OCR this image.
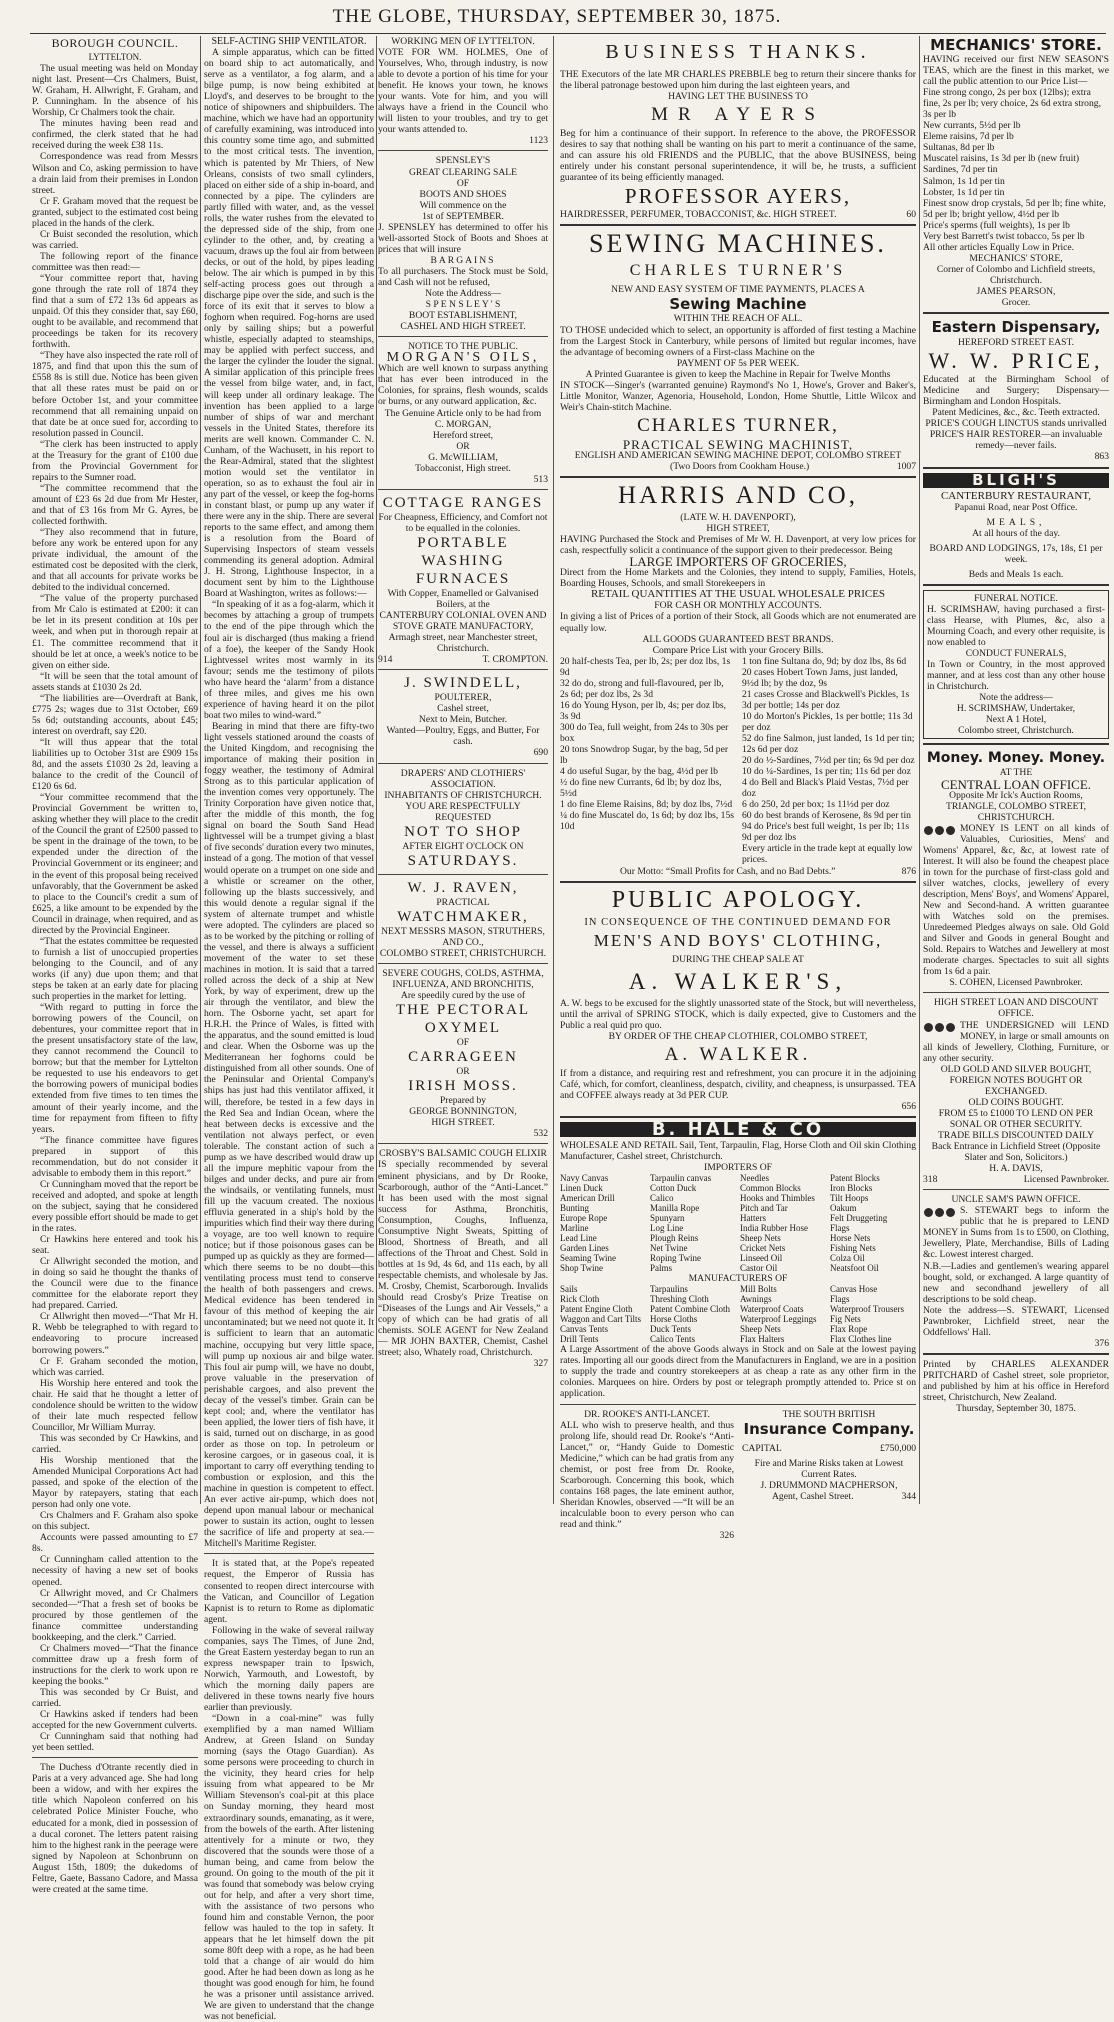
THE GLOBE, THURSDAY, SEPTEMBER 30, 1875.
BOROUGH COUNCIL.
LYTTELTON.

The usual meeting was held on Monday night last. Present—Crs Chalmers, Buist, W. Graham, H. Allwright, F. Graham, and P. Cunningham. In the absence of his Worship, Cr Chalmers took the chair.

The minutes having been read and confirmed, the clerk stated that he had received during the week £38 11s.

Correspondence was read from Messrs Wilson and Co, asking permission to have a drain laid from their premises in London street.

Cr F. Graham moved that the request be granted, subject to the estimated cost being placed in the hands of the clerk.

Cr Buist seconded the resolution, which was carried.

The following report of the finance committee was then read:—

“Your committee report that, having gone through the rate roll of 1874 they find that a sum of £72 13s 6d appears as unpaid. Of this they consider that, say £60, ought to be available, and recommend that proceedings be taken for its recovery forthwith.

“They have also inspected the rate roll of 1875, and find that upon this the sum of £558 8s is still due. Notice has been given that all these rates must be paid on or before October 1st, and your committee recommend that all remaining unpaid on that date be at once sued for, according to resolution passed in Council.

“The clerk has been instructed to apply at the Treasury for the grant of £100 due from the Provincial Government for repairs to the Sumner road.

“The committee recommend that the amount of £23 6s 2d due from Mr Hester, and that of £3 16s from Mr G. Ayres, be collected forthwith.

“They also recommend that in future, before any work be entered upon for any private individual, the amount of the estimated cost be deposited with the clerk, and that all accounts for private works be debited to the individual concerned.

“The value of the property purchased from Mr Calo is estimated at £200: it can be let in its present condition at 10s per week, and when put in thorough repair at £1. The committee recommend that it should be let at once, a week's notice to be given on either side.

“It will be seen that the total amount of assets stands at £1030 2s 2d.

“The liabilities are—Overdraft at Bank, £775 2s; wages due to 31st October, £69 5s 6d; outstanding accounts, about £45; interest on overdraft, say £20.

“It will thus appear that the total liabilities up to October 31st are £909 15s 8d, and the assets £1030 2s 2d, leaving a balance to the credit of the Council of £120 6s 6d.

“Your committee recommend that the Provincial Government be written to, asking whether they will place to the credit of the Council the grant of £2500 passed to be spent in the drainage of the town, to be expended under the direction of the Provincial Government or its engineer; and in the event of this proposal being received unfavorably, that the Government be asked to place to the Council's credit a sum of £625, a like amount to be expended by the Council in drainage, when required, and as directed by the Provincial Engineer.

“That the estates committee be requested to furnish a list of unoccupied properties belonging to the Council, and of any works (if any) due upon them; and that steps be taken at an early date for placing such properties in the market for letting.

“With regard to putting in force the borrowing powers of the Council, on debentures, your committee report that in the present unsatisfactory state of the law, they cannot recommend the Council to borrow; but that the member for Lyttelton be requested to use his endeavors to get the borrowing powers of municipal bodies extended from five times to ten times the amount of their yearly income, and the time for repayment from fifteen to fifty years.

“The finance committee have figures prepared in support of this recommendation, but do not consider it advisable to embody them in this report.”

Cr Cunningham moved that the report be received and adopted, and spoke at length on the subject, saying that he considered every possible effort should be made to get in the rates.

Cr Hawkins here entered and took his seat.

Cr Allwright seconded the motion, and in doing so said he thought the thanks of the Council were due to the finance committee for the elaborate report they had prepared. Carried.

Cr Allwright then moved—“That Mr H. R. Webb be telegraphed to with regard to endeavoring to procure increased borrowing powers.”

Cr F. Graham seconded the motion, which was carried.

His Worship here entered and took the chair. He said that he thought a letter of condolence should be written to the widow of their late much respected fellow Councillor, Mr William Murray.

This was seconded by Cr Hawkins, and carried.

His Worship mentioned that the Amended Municipal Corporations Act had passed, and spoke of the election of the Mayor by ratepayers, stating that each person had only one vote.

Crs Chalmers and F. Graham also spoke on this subject.

Accounts were passed amounting to £7 8s.

Cr Cunningham called attention to the necessity of having a new set of books opened.

Cr Allwright moved, and Cr Chalmers seconded—“That a fresh set of books be procured by those gentlemen of the finance committee understanding bookkeeping, and the clerk.” Carried.

Cr Chalmers moved—“That the finance committee draw up a fresh form of instructions for the clerk to work upon re keeping the books.”

This was seconded by Cr Buist, and carried.

Cr Hawkins asked if tenders had been accepted for the new Government culverts.

Cr Cunningham said that nothing had yet been settled.

The Duchess d'Otrante recently died in Paris at a very advanced age. She had long been a widow, and with her expires the title which Napoleon conferred on his celebrated Police Minister Fouche, who educated for a monk, died in possession of a ducal coronet. The letters patent raising him to the highest rank in the peerage were signed by Napoleon at Schonbrunn on August 15th, 1809; the dukedoms of Feltre, Gaete, Bassano Cadore, and Massa were created at the same time.

SELF-ACTING SHIP VENTILATOR.

A simple apparatus, which can be fitted on board ship to act automatically, and serve as a ventilator, a fog alarm, and a bilge pump, is now being exhibited at Lloyd's, and deserves to be brought to the notice of shipowners and shipbuilders. The machine, which we have had an opportunity of carefully examining, was introduced into this country some time ago, and submitted to the most critical tests. The invention, which is patented by Mr Thiers, of New Orleans, consists of two small cylinders, placed on either side of a ship in-board, and connected by a pipe. The cylinders are partly filled with water, and, as the vessel rolls, the water rushes from the elevated to the depressed side of the ship, from one cylinder to the other, and, by creating a vacuum, draws up the foul air from between decks, or out of the hold, by pipes leading below. The air which is pumped in by this self-acting process goes out through a discharge pipe over the side, and such is the force of its exit that it serves to blow a foghorn when required. Fog-horns are used only by sailing ships; but a powerful whistle, especially adapted to steamships, may be applied with perfect success, and the larger the cylinder the louder the signal. A similar application of this principle frees the vessel from bilge water, and, in fact, will keep under all ordinary leakage. The invention has been applied to a large number of ships of war and merchant vessels in the United States, therefore its merits are well known. Commander C. N. Cunham, of the Wachusett, in his report to the Rear-Admiral, stated that the slightest motion would set the ventilator in operation, so as to exhaust the foul air in any part of the vessel, or keep the fog-horns in constant blast, or pump up any water if there were any in the ship. There are several reports to the same effect, and among them is a resolution from the Board of Supervising Inspectors of steam vessels commending its general adoption. Admiral J. H. Strong, Lighthouse Inspector, in a document sent by him to the Lighthouse Board at Washington, writes as follows:—

“In speaking of it as a fog-alarm, which it becomes by attaching a group of trumpets to the end of the pipe through which the foul air is discharged (thus making a friend of a foe), the keeper of the Sandy Hook Lightvessel writes most warmly in its favour; sends me the testimony of pilots who have heard the ‘alarm’ from a distance of three miles, and gives me his own experience of having heard it on the pilot boat two miles to wind-ward.”

Bearing in mind that there are fifty-two light vessels stationed around the coasts of the United Kingdom, and recognising the importance of making their position in foggy weather, the testimony of Admiral Strong as to this particular application of the invention comes very opportunely. The Trinity Corporation have given notice that, after the middle of this month, the fog signal on board the South Sand Head lightvessel will be a trumpet giving a blast of five seconds' duration every two minutes, instead of a gong. The motion of that vessel would operate on a trumpet on one side and a whistle or screamer on the other, following up the blasts successively, and this would denote a regular signal if the system of alternate trumpet and whistle were adopted. The cylinders are placed so as to be worked by the pitching or rolling of the vessel, and there is always a sufficient movement of the water to set these machines in motion. It is said that a tarred rolled across the deck of a ship at New York, by way of experiment, drew up the air through the ventilator, and blew the horn. The Osborne yacht, set apart for H.R.H. the Prince of Wales, is fitted with the apparatus, and the sound emitted is loud and clear. When the Osborne was up the Mediterranean her foghorns could be distinguished from all other sounds. One of the Peninsular and Oriental Company's ships has just had this ventilator affixed, it will, therefore, be tested in a few days in the Red Sea and Indian Ocean, where the heat between decks is excessive and the ventilation not always perfect, or even tolerable. The constant action of such a pump as we have described would draw up all the impure mephitic vapour from the bilges and under decks, and pure air from the windsails, or ventilating funnels, must fill up the vacuum created. The noxious effluvia generated in a ship's hold by the impurities which find their way there during a voyage, are too well known to require notice; but if those poisonous gases can be pumped up as quickly as they are formed—which there seems to be no doubt—this ventilating process must tend to conserve the health of both passengers and crews. Medical evidence has been tendered in favour of this method of keeping the air uncontaminated; but we need not quote it. It is sufficient to learn that an automatic machine, occupying but very little space, will pump up noxious air and bilge water. This foul air pump will, we have no doubt, prove valuable in the preservation of perishable cargoes, and also prevent the decay of the vessel's timber. Grain can be kept cool; and, where the ventilator has been applied, the lower tiers of fish have, it is said, turned out on discharge, in as good order as those on top. In petroleum or kerosine cargoes, or in gaseous coal, it is important to carry off everything tending to combustion or explosion, and this the machine in question is competent to effect. An ever active air-pump, which does not depend upon manual labour or mechanical power to sustain its action, ought to lessen the sacrifice of life and property at sea.—Mitchell's Maritime Register.

It is stated that, at the Pope's repeated request, the Emperor of Russia has consented to reopen direct intercourse with the Vatican, and Councillor of Legation Kapnist is to return to Rome as diplomatic agent.

Following in the wake of several railway companies, says The Times, of June 2nd, the Great Eastern yesterday began to run an express newspaper train to Ipswich, Norwich, Yarmouth, and Lowestoft, by which the morning daily papers are delivered in these towns nearly five hours earlier than previously.

“Down in a coal-mine” was fully exemplified by a man named William Andrew, at Green Island on Sunday morning (says the Otago Guardian). As some persons were proceeding to church in the vicinity, they heard cries for help issuing from what appeared to be Mr William Stevenson's coal-pit at this place on Sunday morning, they heard most extraordinary sounds, emanating, as it were, from the bowels of the earth. After listening attentively for a minute or two, they discovered that the sounds were those of a human being, and came from below the ground. On going to the mouth of the pit it was found that somebody was below crying out for help, and after a very short time, with the assistance of two persons who found him and constable Vernon, the poor fellow was hauled to the top in safety. It appears that he let himself down the pit some 80ft deep with a rope, as he had been told that a change of air would do him good. After he had been down as long as he thought was good enough for him, he found he was a prisoner until assistance arrived. We are given to understand that the change was not beneficial.

WORKING MEN OF LYTTELTON.

VOTE FOR WM. HOLMES, One of Yourselves, Who, through industry, is now able to devote a portion of his time for your benefit. He knows your town, he knows your wants. Vote for him, and you will always have a friend in the Council who will listen to your troubles, and try to get your wants attended to.

1123
SPENSLEY'S
GREAT CLEARING SALE
OF
BOOTS AND SHOES
Will commence on the
1st of SEPTEMBER.

J. SPENSLEY has determined to offer his well-assorted Stock of Boots and Shoes at prices that will insure

BARGAINS

To all purchasers. The Stock must be Sold, and Cash will not be refused,

Note the Address—
S P E N S L E Y ' S
BOOT ESTABLISHMENT,
CASHEL AND HIGH STREET.
NOTICE TO THE PUBLIC.
MORGAN'S OILS,

Which are well known to surpass anything that has ever been introduced in the Colonies, for sprains, flesh wounds, scalds or burns, or any outward application, &c.

The Genuine Article only to be had from
C. MORGAN,
Hereford street,
OR
G. McWILLIAM,
Tobacconist, High street.
513
COTTAGE RANGES
For Cheapness, Efficiency, and Comfort not to be equalled in the colonies.
PORTABLE WASHING
FURNACES
With Copper, Enamelled or Galvanised Boilers, at the
CANTERBURY COLONIAL OVEN AND STOVE GRATE MANUFACTORY,
Armagh street, near Manchester street, Christchurch.
914	T. CROMPTON.
J. SWINDELL,
POULTERER,
Cashel street,
Next to Mein, Butcher.
Wanted—Poultry, Eggs, and Butter, For cash.
690
DRAPERS' AND CLOTHIERS' ASSOCIATION.
INHABITANTS OF CHRISTCHURCH.
YOU ARE RESPECTFULLY REQUESTED
NOT TO SHOP
AFTER EIGHT O'CLOCK ON
SATURDAYS.
W. J. RAVEN,
PRACTICAL
WATCHMAKER,
NEXT MESSRS MASON, STRUTHERS,
AND CO.,
COLOMBO STREET, CHRISTCHURCH.
SEVERE COUGHS, COLDS, ASTHMA, INFLUENZA, AND BRONCHITIS,
Are speedily cured by the use of
THE PECTORAL OXYMEL
OF
CARRAGEEN
OR
IRISH MOSS.
Prepared by
GEORGE BONNINGTON,
HIGH STREET.
532
CROSBY'S BALSAMIC COUGH ELIXIR

IS specially recommended by several eminent physicians, and by Dr Rooke, Scarborough, author of the “Anti-Lancet.” It has been used with the most signal success for Asthma, Bronchitis, Consumption, Coughs, Influenza, Consumptive Night Sweats, Spitting of Blood, Shortness of Breath, and all affections of the Throat and Chest. Sold in bottles at 1s 9d, 4s 6d, and 11s each, by all respectable chemists, and wholesale by Jas. M. Crosby, Chemist, Scarborough. Invalids should read Crosby's Prize Treatise on “Diseases of the Lungs and Air Vessels,” a copy of which can be had gratis of all chemists. SOLE AGENT for New Zealand — MR JOHN BAXTER, Chemist, Cashel street; also, Whately road, Christchurch.

327
BUSINESS THANKS.

THE Executors of the late MR CHARLES PREBBLE beg to return their sincere thanks for the liberal patronage bestowed upon him during the last eighteen years, and

HAVING LET THE BUSINESS TO
MR AYERS

Beg for him a continuance of their support. In reference to the above, the PROFESSOR desires to say that nothing shall be wanting on his part to merit a continuance of the same, and can assure his old FRIENDS and the PUBLIC, that the above BUSINESS, being entirely under his constant personal superintendence, it will be, he trusts, a sufficient guarantee of its being efficiently managed.

PROFESSOR AYERS,
HAIRDRESSER, PERFUMER, TOBACCONIST, &c. HIGH STREET.	60
SEWING MACHINES.
CHARLES TURNER'S
NEW AND EASY SYSTEM OF TIME PAYMENTS, PLACES A
Sewing Machine
WITHIN THE REACH OF ALL.

TO THOSE undecided which to select, an opportunity is afforded of first testing a Machine from the Largest Stock in Canterbury, while persons of limited but regular incomes, have the advantage of becoming owners of a First-class Machine on the

PAYMENT OF 5s PER WEEK.
A Printed Guarantee is given to keep the Machine in Repair for Twelve Months

IN STOCK—Singer's (warranted genuine) Raymond's No 1, Howe's, Grover and Baker's, Little Monitor, Wanzer, Agenoria, Household, London, Home Shuttle, Little Wilcox and Weir's Chain-stitch Machine.

CHARLES TURNER,
PRACTICAL SEWING MACHINIST,
ENGLISH AND AMERICAN SEWING MACHINE DEPOT, COLOMBO STREET
(Two Doors from Cookham House.)	1007
HARRIS AND CO,
(LATE W. H. DAVENPORT),
HIGH STREET,

HAVING Purchased the Stock and Premises of Mr W. H. Davenport, at very low prices for cash, respectfully solicit a continuance of the support given to their predecessor. Being

LARGE IMPORTERS OF GROCERIES,

Direct from the Home Markets and the Colonies, they intend to supply, Families, Hotels, Boarding Houses, Schools, and small Storekeepers in

RETAIL QUANTITIES AT THE USUAL WHOLESALE PRICES
FOR CASH OR MONTHLY ACCOUNTS.

In giving a list of Prices of a portion of their Stock, all Goods which are not enumerated are equally low.

ALL GOODS GUARANTEED BEST BRANDS.
Compare Price List with your Grocery Bills.
20 half-chests Tea, per lb, 2s; per doz lbs, 1s 9d
32 do do, strong and full-flavoured, per lb, 2s 6d; per doz lbs, 2s 3d
16 do Young Hyson, per lb, 4s; per doz lbs, 3s 9d
300 do Tea, full weight, from 24s to 30s per box
20 tons Snowdrop Sugar, by the bag, 5d per lb
4 do useful Sugar, by the bag, 4½d per lb
½ do fine new Currants, 6d lb; by doz lbs, 5½d
1 do fine Eleme Raisins, 8d; by doz lbs, 7½d
¼ do fine Muscatel do, 1s 6d; by doz lbs, 15s 10d
1 ton fine Sultana do, 9d; by doz lbs, 8s 6d
20 cases Hobert Town Jams, just landed, 9½d lb; by the doz, 9s
21 cases Crosse and Blackwell's Pickles, 1s 3d per bottle; 14s per doz
10 do Morton's Pickles, 1s per bottle; 11s 3d per doz
52 do fine Salmon, just landed, 1s 1d per tin; 12s 6d per doz
20 do ½-Sardines, 7½d per tin; 6s 9d per doz
10 do ¼-Sardines, 1s per tin; 11s 6d per doz
4 do Bell and Black's Plaid Vestas, 7½d per doz
6 do 250, 2d per box; 1s 11½d per doz
60 do best brands of Kerosene, 8s 9d per tin
94 do Price's best full weight, 1s per lb; 11s 9d per doz lbs
Every article in the trade kept at equally low prices.
Our Motto: “Small Profits for Cash, and no Bad Debts.”	876
PUBLIC APOLOGY.
IN CONSEQUENCE OF THE CONTINUED DEMAND FOR
MEN'S AND BOYS' CLOTHING,
DURING THE CHEAP SALE AT
A. WALKER'S,

A. W. begs to be excused for the slightly unassorted state of the Stock, but will nevertheless, until the arrival of SPRING STOCK, which is daily expected, give to Customers and the Public a real quid pro quo.

BY ORDER OF THE CHEAP CLOTHIER, COLOMBO STREET,
A. WALKER.

If from a distance, and requiring rest and refreshment, you can procure it in the adjoining Café, which, for comfort, cleanliness, despatch, civility, and cheapness, is unsurpassed. TEA and COFFEE always ready at 3d PER CUP.

656
B. HALE & CO

WHOLESALE AND RETAIL Sail, Tent, Tarpaulin, Flag, Horse Cloth and Oil skin Clothing Manufacturer, Cashel street, Christchurch.

IMPORTERS OF
Navy Canvas	Tarpaulin canvas	Needles	Patent Blocks
Linen Duck	Cotton Duck	Common Blocks	Iron Blocks
American Drill	Calico	Hooks and Thimbles	Tilt Hoops
Bunting	Manilla Rope	Pitch and Tar	Oakum
Europe Rope	Spunyarn	Hatters	Felt Druggeting
Marline	Log Line	India Rubber Hose	Flags
Lead Line	Plough Reins	Sheep Nets	Horse Nets
Garden Lines	Net Twine	Cricket Nets	Fishing Nets
Seaming Twine	Roping Twine	Linseed Oil	Colza Oil
Shop Twine	Palms	Castor Oil	Neatsfoot Oil
MANUFACTURERS OF
Sails	Tarpaulins	Mill Bolts	Canvas Hose
Rick Cloth	Threshing Cloth	Awnings	Flags
Patent Engine Cloth	Patent Combine Cloth	Waterproof Coats	Waterproof Trousers
Waggon and Cart Tilts Horse Cloths	Waterproof Leggings	Fig Nets
Canvas Tents	Duck Tents	Sheep Nets	Flax Rope
Drill Tents	Calico Tents	Flax Halters	Flax Clothes line

A Large Assortment of the above Goods always in Stock and on Sale at the lowest paying rates. Importing all our goods direct from the Manufacturers in England, we are in a position to supply the trade and country storekeepers at as cheap a rate as any other firm in the colonies. Marquees on hire. Orders by post or telegraph promptly attended to. Price st on application.

DR. ROOKE'S ANTI-LANCET.

ALL who wish to preserve health, and thus prolong life, should read Dr. Rooke's “Anti-Lancet,” or, “Handy Guide to Domestic Medicine,” which can be had gratis from any chemist, or post free from Dr. Rooke, Scarborough. Concerning this book, which contains 168 pages, the late eminent author, Sheridan Knowles, observed —“It will be an incalculable boon to every person who can read and think.”

326
THE SOUTH BRITISH
Insurance Company.
CAPITAL	£750,000
Fire and Marine Risks taken at Lowest Current Rates.
J. DRUMMOND MACPHERSON,
Agent, Cashel Street.	344
MECHANICS' STORE.

HAVING received our first NEW SEASON'S TEAS, which are the finest in this market, we call the public attention to our Price List—

Fine strong congo, 2s per box (12lbs); extra fine, 2s per lb; very choice, 2s 6d extra strong, 3s per lb
New currants, 5½d per lb
Eleme raisins, 7d per lb
Sultanas, 8d per lb
Muscatel raisins, 1s 3d per lb (new fruit)
Sardines, 7d per tin
Salmon, 1s 1d per tin
Lobster, 1s 1d per tin
Finest snow drop crystals, 5d per lb; fine white, 5d per lb; bright yellow, 4½d per lb
Price's sperms (full weights), 1s per lb
Very best Barrett's twist tobacco, 5s per lb
All other articles Equally Low in Price.
MECHANICS' STORE,
Corner of Colombo and Lichfield streets, Christchurch.
JAMES PEARSON,
Grocer.
Eastern Dispensary,
HEREFORD STREET EAST.
W. W. PRICE,

Educated at the Birmingham School of Medicine and Surgery; Dispensary—Birmingham and London Hospitals.

Patent Medicines, &c., &c. Teeth extracted.
PRICE'S COUGH LINCTUS stands unrivalled
PRICE'S HAIR RESTORER—an invaluable remedy—never fails.
863
BLIGH'S
CANTERBURY RESTAURANT,
Papanui Road, near Post Office.
MEALS,
At all hours of the day.
BOARD AND LODGINGS, 17s, 18s, £1 per week.
Beds and Meals 1s each.
FUNERAL NOTICE.

H. SCRIMSHAW, having purchased a first-class Hearse, with Plumes, &c, also a Mourning Coach, and every other requisite, is now enabled to

CONDUCT FUNERALS,

In Town or Country, in the most approved manner, and at less cost than any other house in Christchurch.

Note the address—
H. SCRIMSHAW, Undertaker,
Next A 1 Hotel,
Colombo street, Christchurch.
Money. Money. Money.
AT THE
CENTRAL LOAN OFFICE.
Opposite Mr Ick's Auction Rooms,
TRIANGLE, COLOMBO STREET,
CHRISTCHURCH.

MONEY IS LENT on all kinds of Valuables, Curiosities, Mens' and Womens' Apparel, &c, &c, at lowest rate of Interest. It will also be found the cheapest place in town for the purchase of first-class gold and silver watches, clocks, jewellery of every description, Mens' Boys', and Womens' Apparel, New and Second-hand. A written guarantee with Watches sold on the premises. Unredeemed Pledges always on sale. Old Gold and Silver and Goods in general Bought and Sold. Repairs to Watches and Jewellery at most moderate charges. Spectacles to suit all sights from 1s 6d a pair.

S. COHEN, Licensed Pawnbroker.
HIGH STREET LOAN AND DISCOUNT OFFICE.

THE UNDERSIGNED will LEND MONEY, in large or small amounts on all kinds of Jewellery, Clothing, Furniture, or any other security.

OLD GOLD AND SILVER BOUGHT, FOREIGN NOTES BOUGHT OR EXCHANGED.
OLD COINS BOUGHT.
FROM £5 to £1000 TO LEND ON PER SONAL OR OTHER SECURITY.
TRADE BILLS DISCOUNTED DAILY
Back Entrance in Lichfield Street (Opposite Slater and Son, Solicitors.)
H. A. DAVIS,
318	Licensed Pawnbroker.
UNCLE SAM'S PAWN OFFICE.

S. STEWART begs to inform the public that he is prepared to LEND MONEY in Sums from 1s to £500, on Clothing, Jewellery, Plate, Merchandise, Bills of Lading &c. Lowest interest charged.

N.B.—Ladies and gentlemen's wearing apparel bought, sold, or exchanged. A large quantity of new and secondhand jewellery of all descriptions to be sold cheap.

Note the address—S. STEWART, Licensed Pawnbroker, Lichfield street, near the Oddfellows' Hall.

376

Printed by CHARLES ALEXANDER PRITCHARD of Cashel street, sole proprietor, and published by him at his office in Hereford street, Christchurch, New Zealand.

Thursday, September 30, 1875.
